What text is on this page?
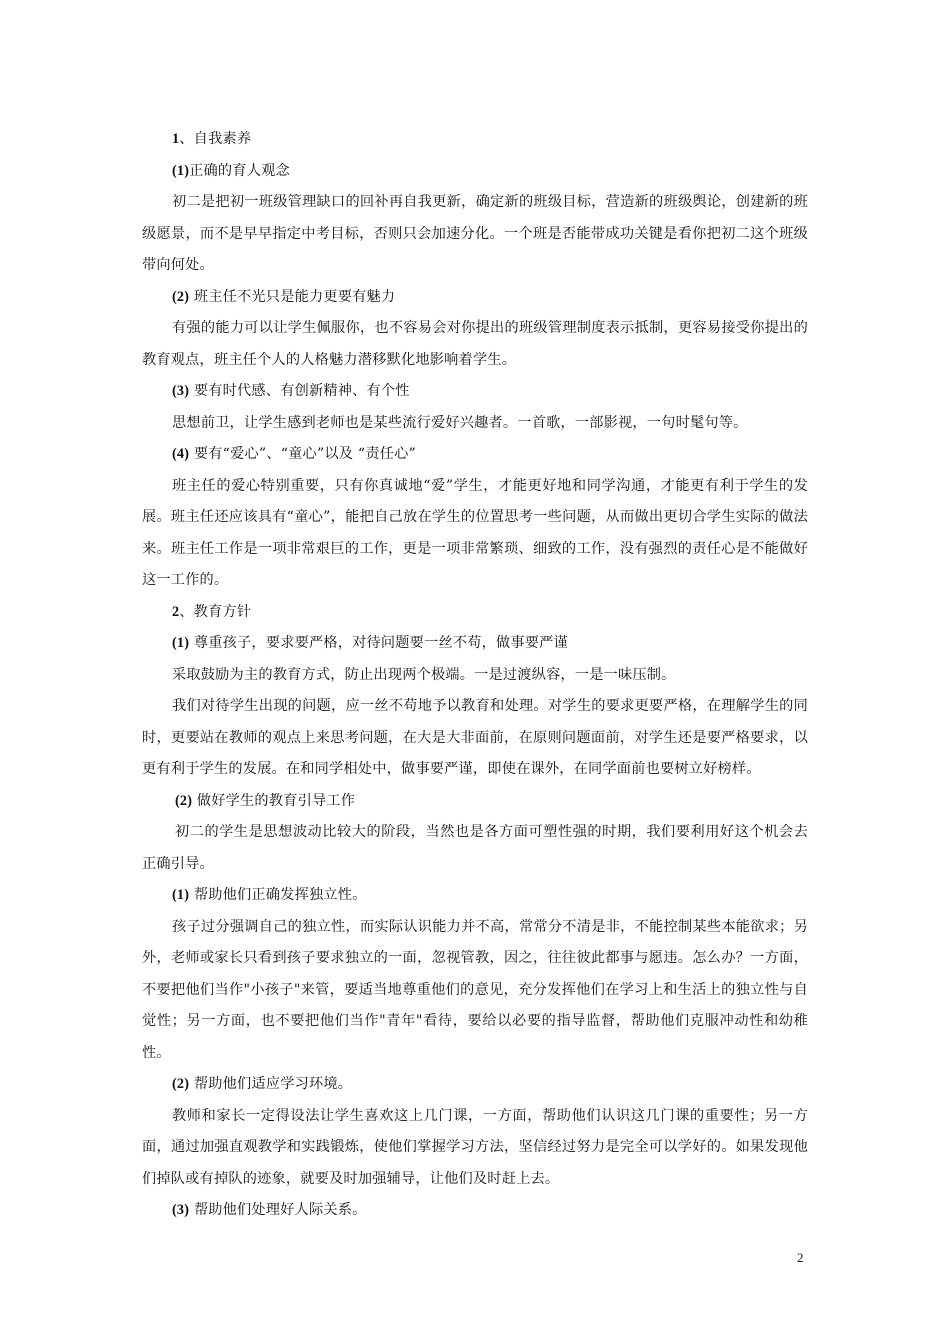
1、自我素养
(1)正确的育人观念
初二是把初一班级管理缺口的回补再自我更新，确定新的班级目标，营造新的班级舆论，创建新的班级愿景，而不是早早指定中考目标，否则只会加速分化。一个班是否能带成功关键是看你把初二这个班级带向何处。
(2) 班主任不光只是能力更要有魅力
有强的能力可以让学生佩服你，也不容易会对你提出的班级管理制度表示抵制，更容易接受你提出的教育观点，班主任个人的人格魅力潜移默化地影响着学生。
(3) 要有时代感、有创新精神、有个性
思想前卫，让学生感到老师也是某些流行爱好兴趣者。一首歌，一部影视，一句时髦句等。
(4) 要有“爱心”、“童心”以及 “责任心”
班主任的爱心特别重要，只有你真诚地“爱”学生，才能更好地和同学沟通，才能更有利于学生的发展。班主任还应该具有“童心”，能把自己放在学生的位置思考一些问题，从而做出更切合学生实际的做法来。班主任工作是一项非常艰巨的工作，更是一项非常繁琐、细致的工作，没有强烈的责任心是不能做好这一工作的。
2、教育方针
(1) 尊重孩子，要求要严格，对待问题要一丝不苟，做事要严谨
采取鼓励为主的教育方式，防止出现两个极端。一是过渡纵容，一是一味压制。
我们对待学生出现的问题，应一丝不苟地予以教育和处理。对学生的要求更要严格，在理解学生的同时，更要站在教师的观点上来思考问题，在大是大非面前，在原则问题面前，对学生还是要严格要求，以更有利于学生的发展。在和同学相处中，做事要严谨，即使在课外，在同学面前也要树立好榜样。
(2) 做好学生的教育引导工作
初二的学生是思想波动比较大的阶段，当然也是各方面可塑性强的时期，我们要利用好这个机会去正确引导。
(1) 帮助他们正确发挥独立性。
孩子过分强调自己的独立性，而实际认识能力并不高，常常分不清是非，不能控制某些本能欲求；另外，老师或家长只看到孩子要求独立的一面，忽视管教，因之，往往彼此都事与愿违。怎么办？一方面，不要把他们当作"小孩子"来管，要适当地尊重他们的意见，充分发挥他们在学习上和生活上的独立性与自觉性；另一方面，也不要把他们当作"青年"看待，要给以必要的指导监督，帮助他们克服冲动性和幼稚性。
(2) 帮助他们适应学习环境。
教师和家长一定得设法让学生喜欢这上几门课，一方面，帮助他们认识这几门课的重要性；另一方面，通过加强直观教学和实践锻炼，使他们掌握学习方法，坚信经过努力是完全可以学好的。如果发现他们掉队或有掉队的迹象，就要及时加强辅导，让他们及时赶上去。
(3) 帮助他们处理好人际关系。
2
